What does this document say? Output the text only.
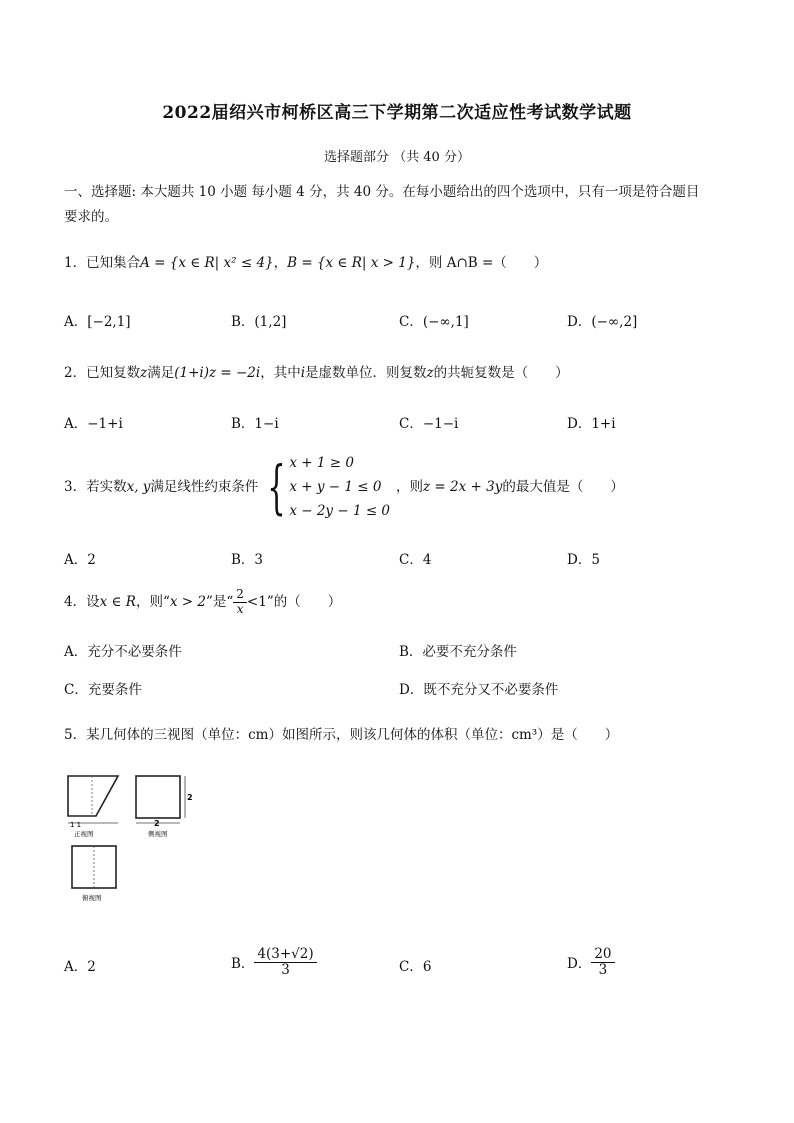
2022届绍兴市柯桥区高三下学期第二次适应性考试数学试题
选择题部分 （共 40 分）
一、选择题: 本大题共 10 小题 每小题 4 分，共 40 分。在每小题给出的四个选项中，只有一项是符合题目
要求的。
1．已知集合A = {x ∈ R| x² ≤ 4}，B = {x ∈ R| x > 1}，则 A∩B =（　　）
A．[−2,1]	B．(1,2]	C．(−∞,1]	D．(−∞,2]
2．已知复数z满足(1+i)z = −2i，其中i是虚数单位．则复数z的共轭复数是（　　）
A．−1+i	B．1−i	C．−1−i	D．1+i
3．若实数 x, y 满足线性约束条件 { x + 1 ≥ 0
x + y − 1 ≤ 0
x − 2y − 1 ≤ 0
，则 z = 2x + 3y 的最大值是（　　）
A．2	B．3	C．4	D．5
4．设 x ∈ R ，则“ x > 2 ”是“ $\frac{2}{x} <1$ ”的（　　）
A．充分不必要条件	B．必要不充分条件
C．充要条件	D．既不充分又不必要条件
5．某几何体的三视图（单位：cm）如图所示，则该几何体的体积（单位：cm³）是（　　）
1 1
正视图
2
2
侧视图
俯视图
A．2	B． $\frac{4(3+√2)}{3}$	C．6	D． $\frac{20}{3}$
